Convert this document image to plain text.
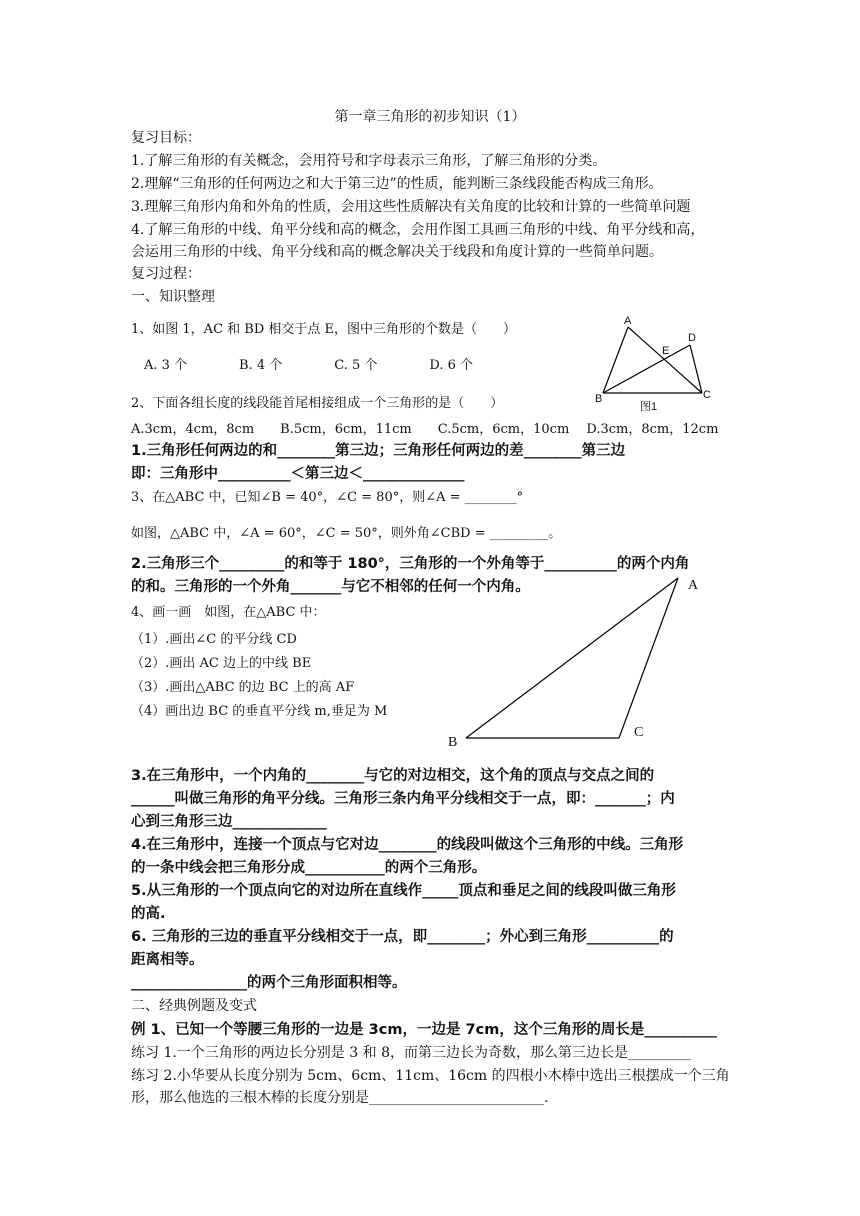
第一章三角形的初步知识（1）
复习目标：
1.了解三角形的有关概念，会用符号和字母表示三角形，了解三角形的分类。
2.理解“三角形的任何两边之和大于第三边”的性质，能判断三条线段能否构成三角形。
3.理解三角形内角和外角的性质，会用这些性质解决有关角度的比较和计算的一些简单问题
4.了解三角形的中线、角平分线和高的概念，会用作图工具画三角形的中线、角平分线和高，
会运用三角形的中线、角平分线和高的概念解决关于线段和角度计算的一些简单问题。
复习过程：
一、知识整理
1、如图 1，AC 和 BD 相交于点 E，图中三角形的个数是（　　）
　A. 3 个　　　　B. 4 个　　　　C. 5 个　　　　D. 6 个
2、下面各组长度的线段能首尾相接组成一个三角形的是（　　）
A.3cm，4cm，8cm　　B.5cm，6cm，11cm　　C.5cm，6cm，10cm　 D.3cm，8cm，12cm
1.三角形任何两边的和________第三边；三角形任何两边的差________第三边
即：三角形中__________＜第三边＜______________
3、在△ABC 中，已知∠B = 40°，∠C = 80°，则∠A = ________°
如图，△ABC 中，∠A = 60°，∠C = 50°，则外角∠CBD = _________。
2.三角形三个_________的和等于 180°，三角形的一个外角等于__________的两个内角
的和。三角形的一个外角_______与它不相邻的任何一个内角。
4、画一画　如图，在△ABC 中：
（1）.画出∠C 的平分线 CD
（2）.画出 AC 边上的中线 BE
（3）.画出△ABC 的边 BC 上的高 AF
（4）画出边 BC 的垂直平分线 m,垂足为 M
3.在三角形中，一个内角的________与它的对边相交，这个角的顶点与交点之间的
______叫做三角形的角平分线。三角形三条内角平分线相交于一点，即：_______；内
心到三角形三边_____________
4.在三角形中，连接一个顶点与它对边________的线段叫做这个三角形的中线。三角形
的一条中线会把三角形分成___________的两个三角形。
5.从三角形的一个顶点向它的对边所在直线作_____顶点和垂足之间的线段叫做三角形
的高.
6. 三角形的三边的垂直平分线相交于一点，即________；外心到三角形__________的
距离相等。
________________的两个三角形面积相等。
二、经典例题及变式
例 1、已知一个等腰三角形的一边是 3cm，一边是 7cm，这个三角形的周长是__________
练习 1.一个三角形的两边长分别是 3 和 8，而第三边长为奇数，那么第三边长是_________
练习 2.小华要从长度分别为 5cm、6cm、11cm、16cm 的四根小木棒中选出三根摆成一个三角
形，那么他选的三根木棒的长度分别是_________________________.
A
B	C
D
E
图1
A
B
C
